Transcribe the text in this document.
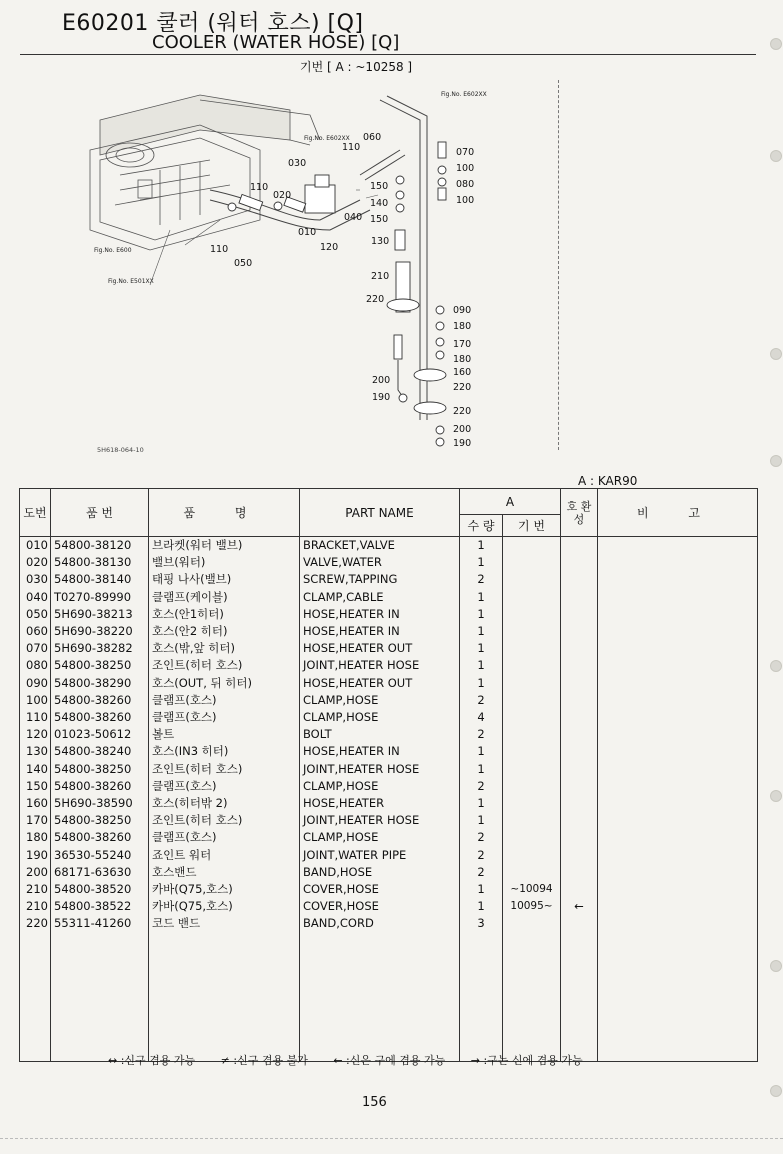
E60201 쿨러 (워터 호스) [Q]
COOLER (WATER HOSE) [Q]
기번 [ A : ~10258 ]
Fig.No. E602XX
Fig.No. E602XX
Fig.No. E600
Fig.No. E501XX
060
110
030
020
110
110
050
010
120
040
150
140
150
130
070
100
080
100
210
220
090
180
170
180
160
220
200
190
220
200
190
5H618-064-10
A : KAR90
도번	품 번	품 명	PART NAME	A		호 환 성	비 고
				수 량	기 번		
010	54800-38120	브라켓(워터 밸브)	BRACKET,VALVE	1			
020	54800-38130	밸브(워터)	VALVE,WATER	1			
030	54800-38140	태핑 나사(밸브)	SCREW,TAPPING	2			
040	T0270-89990	클램프(케이블)	CLAMP,CABLE	1			
050	5H690-38213	호스(안1히터)	HOSE,HEATER IN	1			
060	5H690-38220	호스(안2 히터)	HOSE,HEATER IN	1			
070	5H690-38282	호스(밖,앞 히터)	HOSE,HEATER OUT	1			
080	54800-38250	조인트(히터 호스)	JOINT,HEATER HOSE	1			
090	54800-38290	호스(OUT, 뒤 히터)	HOSE,HEATER OUT	1			
100	54800-38260	클램프(호스)	CLAMP,HOSE	2			
110	54800-38260	클램프(호스)	CLAMP,HOSE	4			
120	01023-50612	볼트	BOLT	2			
130	54800-38240	호스(IN3 히터)	HOSE,HEATER IN	1			
140	54800-38250	조인트(히터 호스)	JOINT,HEATER HOSE	1			
150	54800-38260	클램프(호스)	CLAMP,HOSE	2			
160	5H690-38590	호스(히터밖 2)	HOSE,HEATER	1			
170	54800-38250	조인트(히터 호스)	JOINT,HEATER HOSE	1			
180	54800-38260	클램프(호스)	CLAMP,HOSE	2			
190	36530-55240	죠인트 워터	JOINT,WATER PIPE	2			
200	68171-63630	호스밴드	BAND,HOSE	2			
210	54800-38520	카바(Q75,호스)	COVER,HOSE	1	~10094		
210	54800-38522	카바(Q75,호스)	COVER,HOSE	1	10095~	←	
220	55311-41260	코드 밴드	BAND,CORD	3			

↔ :신구 겸용 가능 ≠ :신구 겸용 불가 ← :신은 구에 겸용 가능 → :구는 신에 겸용 가능
156
